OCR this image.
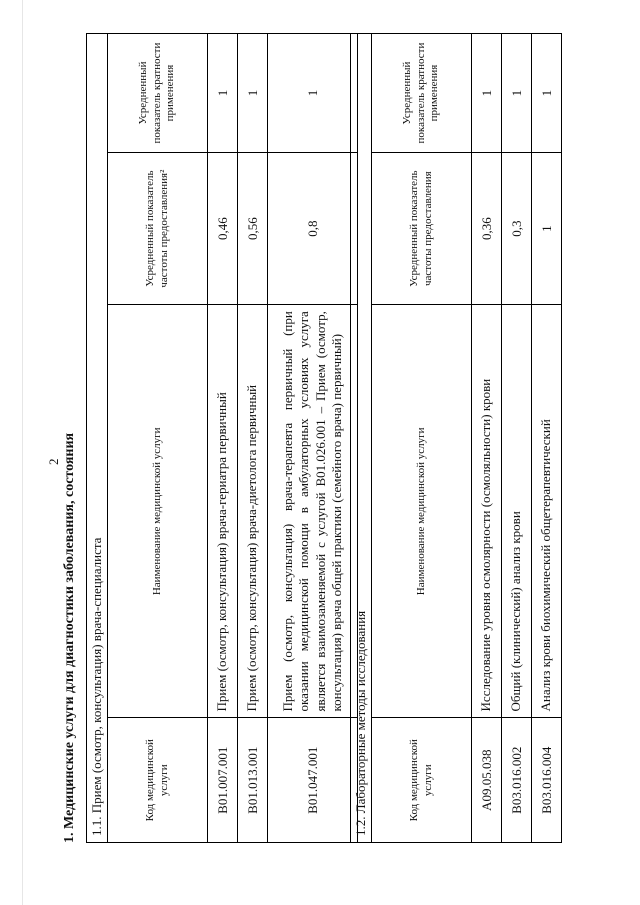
2 1. Медицинские услуги для диагностики заболевания, состояния 1.1. Прием (осмотр, консультация) врача-специалиста			
Код медицинской услуги	Наименование медицинской услуги	Усредненный показатель частоты предоставления²	Усредненный показатель кратности применения
B01.007.001	Прием (осмотр, консультация) врача-гериатра первичный	0,46	1
B01.013.001	Прием (осмотр, консультация) врача-диетолога первичный	0,56	1
B01.047.001	Прием (осмотр, консультация) врача-терапевта первичный (при оказании медицинской помощи в амбулаторных условиях услуга является взаимозаменяемой с услугой B01.026.001 – Прием (осмотр, консультация) врача общей практики (семейного врача) первичный)	0,8	1
1.2. Лабораторные методы исследования			
Код медицинской услуги	Наименование медицинской услуги	Усредненный показатель частоты предоставления	Усредненный показатель кратности применения
A09.05.038	Исследование уровня осмолярности (осмоляльности) крови	0,36	1
B03.016.002	Общий (клинический) анализ крови	0,3	1
B03.016.004	Анализ крови биохимический общетерапевтический	1	1
